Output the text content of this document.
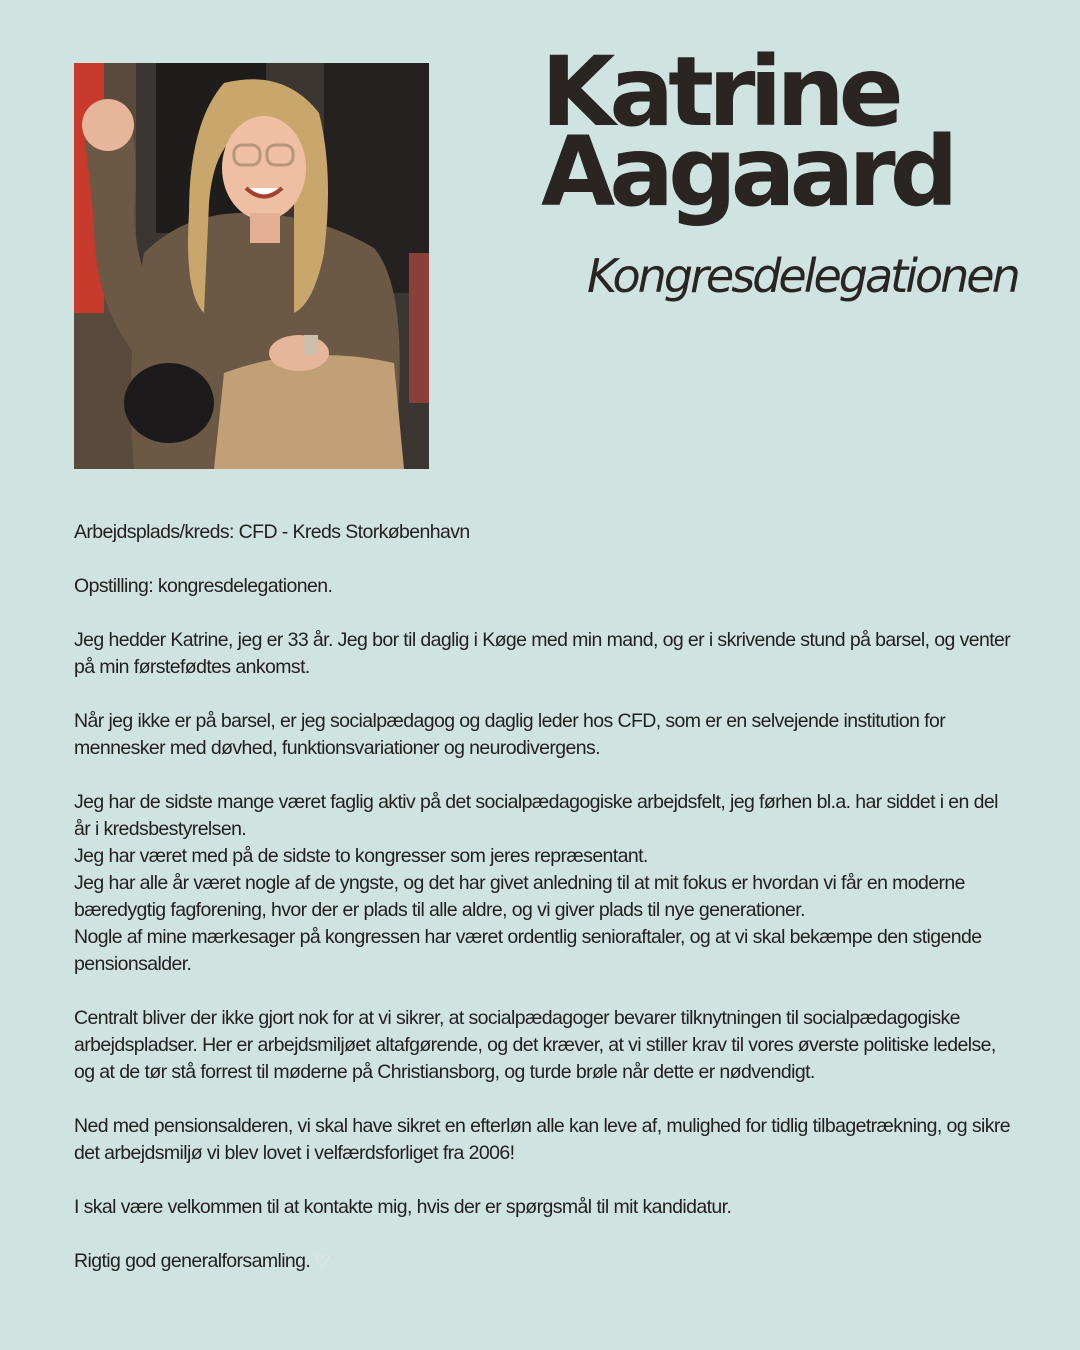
Katrine
Aagaard
Kongresdelegationen

Arbejdsplads/kreds: CFD - Kreds Storkøbenhavn

Opstilling: kongresdelegationen.

Jeg hedder Katrine, jeg er 33 år. Jeg bor til daglig i Køge med min mand, og er i skrivende stund på barsel, og venter på min førstefødtes ankomst.

Når jeg ikke er på barsel, er jeg socialpædagog og daglig leder hos CFD, som er en selvejende institution for mennesker med døvhed, funktionsvariationer og neurodivergens.

Jeg har de sidste mange været faglig aktiv på det socialpædagogiske arbejdsfelt, jeg førhen bl.a. har siddet i en del år i kredsbestyrelsen.

Jeg har været med på de sidste to kongresser som jeres repræsentant.

Jeg har alle år været nogle af de yngste, og det har givet anledning til at mit fokus er hvordan vi får en moderne bæredygtig fagforening, hvor der er plads til alle aldre, og vi giver plads til nye generationer.

Nogle af mine mærkesager på kongressen har været ordentlig senioraftaler, og at vi skal bekæmpe den stigende pensionsalder.

Centralt bliver der ikke gjort nok for at vi sikrer, at socialpædagoger bevarer tilknytningen til socialpædagogiske arbejdspladser. Her er arbejdsmiljøet altafgørende, og det kræver, at vi stiller krav til vores øverste politiske ledelse, og at de tør stå forrest til møderne på Christiansborg, og turde brøle når dette er nødvendigt.

Ned med pensionsalderen, vi skal have sikret en efterløn alle kan leve af, mulighed for tidlig tilbagetrækning, og sikre det arbejdsmiljø vi blev lovet i velfærdsforliget fra 2006!

I skal være velkommen til at kontakte mig, hvis der er spørgsmål til mit kandidatur.

Rigtig god generalforsamling. ♡
